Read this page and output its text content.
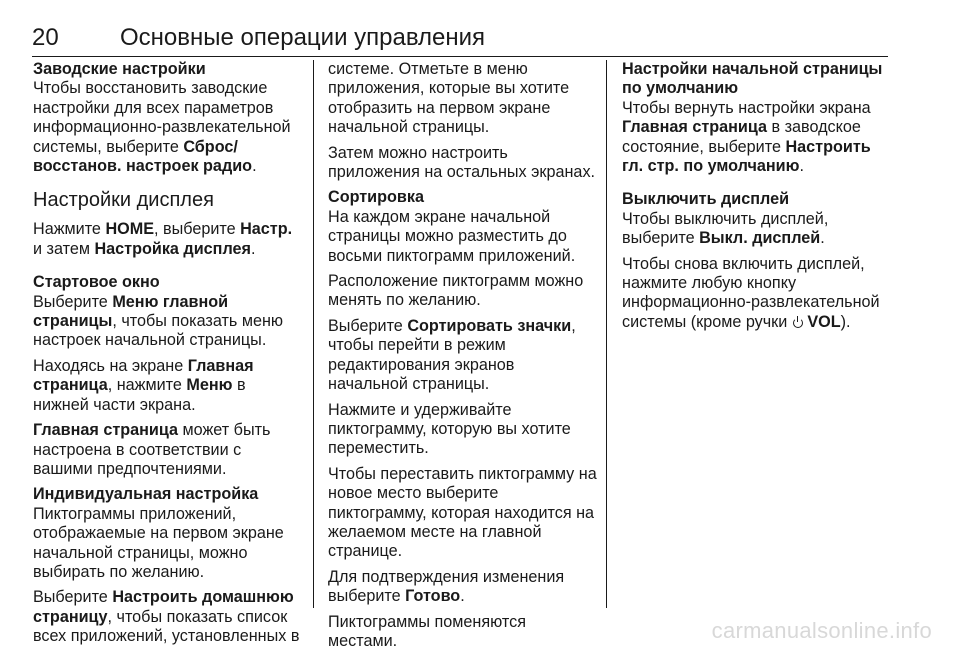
20	Основные операции управления

Заводские настройки

Чтобы восстановить заводские настройки для всех параметров информационно-развлекательной системы, выберите Сброс/ восстанов. настроек радио.

Настройки дисплея

Нажмите HOME, выберите Настр. и затем Настройка дисплея.

Стартовое окно

Выберите Меню главной страницы, чтобы показать меню настроек начальной страницы.

Находясь на экране Главная страница, нажмите Меню в нижней части экрана.

Главная страница может быть настроена в соответствии с вашими предпочтениями.

Индивидуальная настройка

Пиктограммы приложений, отображаемые на первом экране начальной страницы, можно выбирать по желанию.

Выберите Настроить домашнюю страницу, чтобы показать список всех приложений, установленных в

системе. Отметьте в меню приложения, которые вы хотите отобразить на первом экране начальной страницы.

Затем можно настроить приложения на остальных экранах.

Сортировка

На каждом экране начальной страницы можно разместить до восьми пиктограмм приложений.

Расположение пиктограмм можно менять по желанию.

Выберите Сортировать значки, чтобы перейти в режим редактирования экранов начальной страницы.

Нажмите и удерживайте пиктограмму, которую вы хотите переместить.

Чтобы переставить пиктограмму на новое место выберите пиктограмму, которая находится на желаемом месте на главной странице.

Для подтверждения изменения выберите Готово.

Пиктограммы поменяются местами.

Настройки начальной страницы по умолчанию

Чтобы вернуть настройки экрана Главная страница в заводское состояние, выберите Настроить гл. стр. по умолчанию.

Выключить дисплей

Чтобы выключить дисплей, выберите Выкл. дисплей.

Чтобы снова включить дисплей, нажмите любую кнопку информационно-развлекательной системы (кроме ручки  VOL).

carmanualsonline.info
